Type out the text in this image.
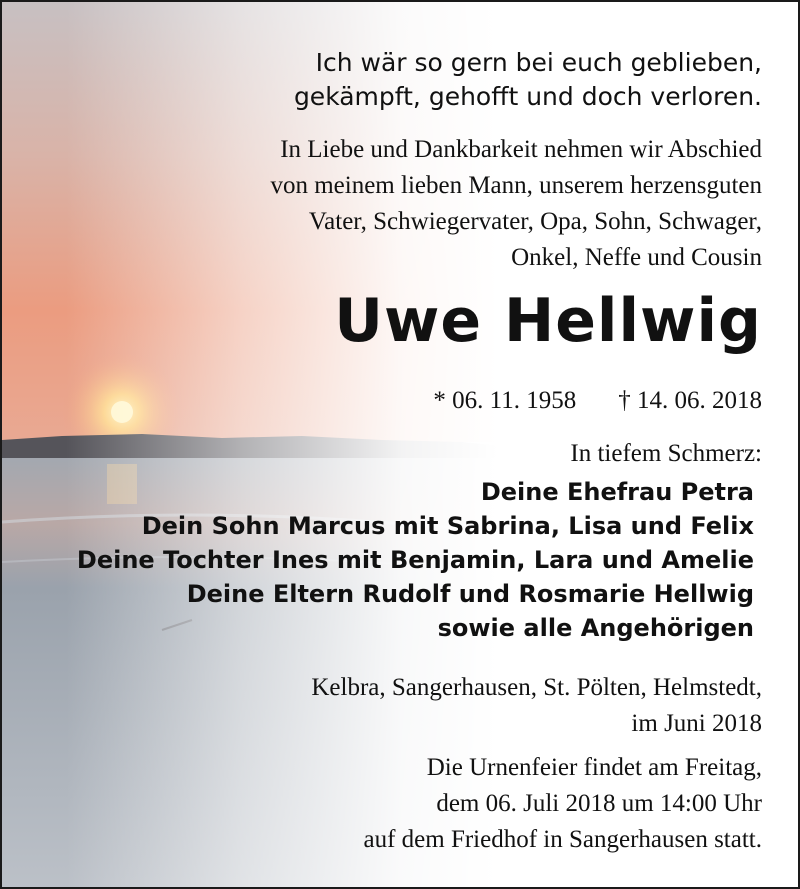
Ich wär so gern bei euch geblieben,
gekämpft, gehofft und doch verloren.
In Liebe und Dankbarkeit nehmen wir Abschied
von meinem lieben Mann, unserem herzensguten
Vater, Schwiegervater, Opa, Sohn, Schwager,
Onkel, Neffe und Cousin
Uwe Hellwig
* 06. 11. 1958 † 14. 06. 2018
In tiefem Schmerz:
Deine Ehefrau Petra
Dein Sohn Marcus mit Sabrina, Lisa und Felix
Deine Tochter Ines mit Benjamin, Lara und Amelie
Deine Eltern Rudolf und Rosmarie Hellwig
sowie alle Angehörigen
Kelbra, Sangerhausen, St. Pölten, Helmstedt,
im Juni 2018
Die Urnenfeier findet am Freitag,
dem 06. Juli 2018 um 14:00 Uhr
auf dem Friedhof in Sangerhausen statt.
